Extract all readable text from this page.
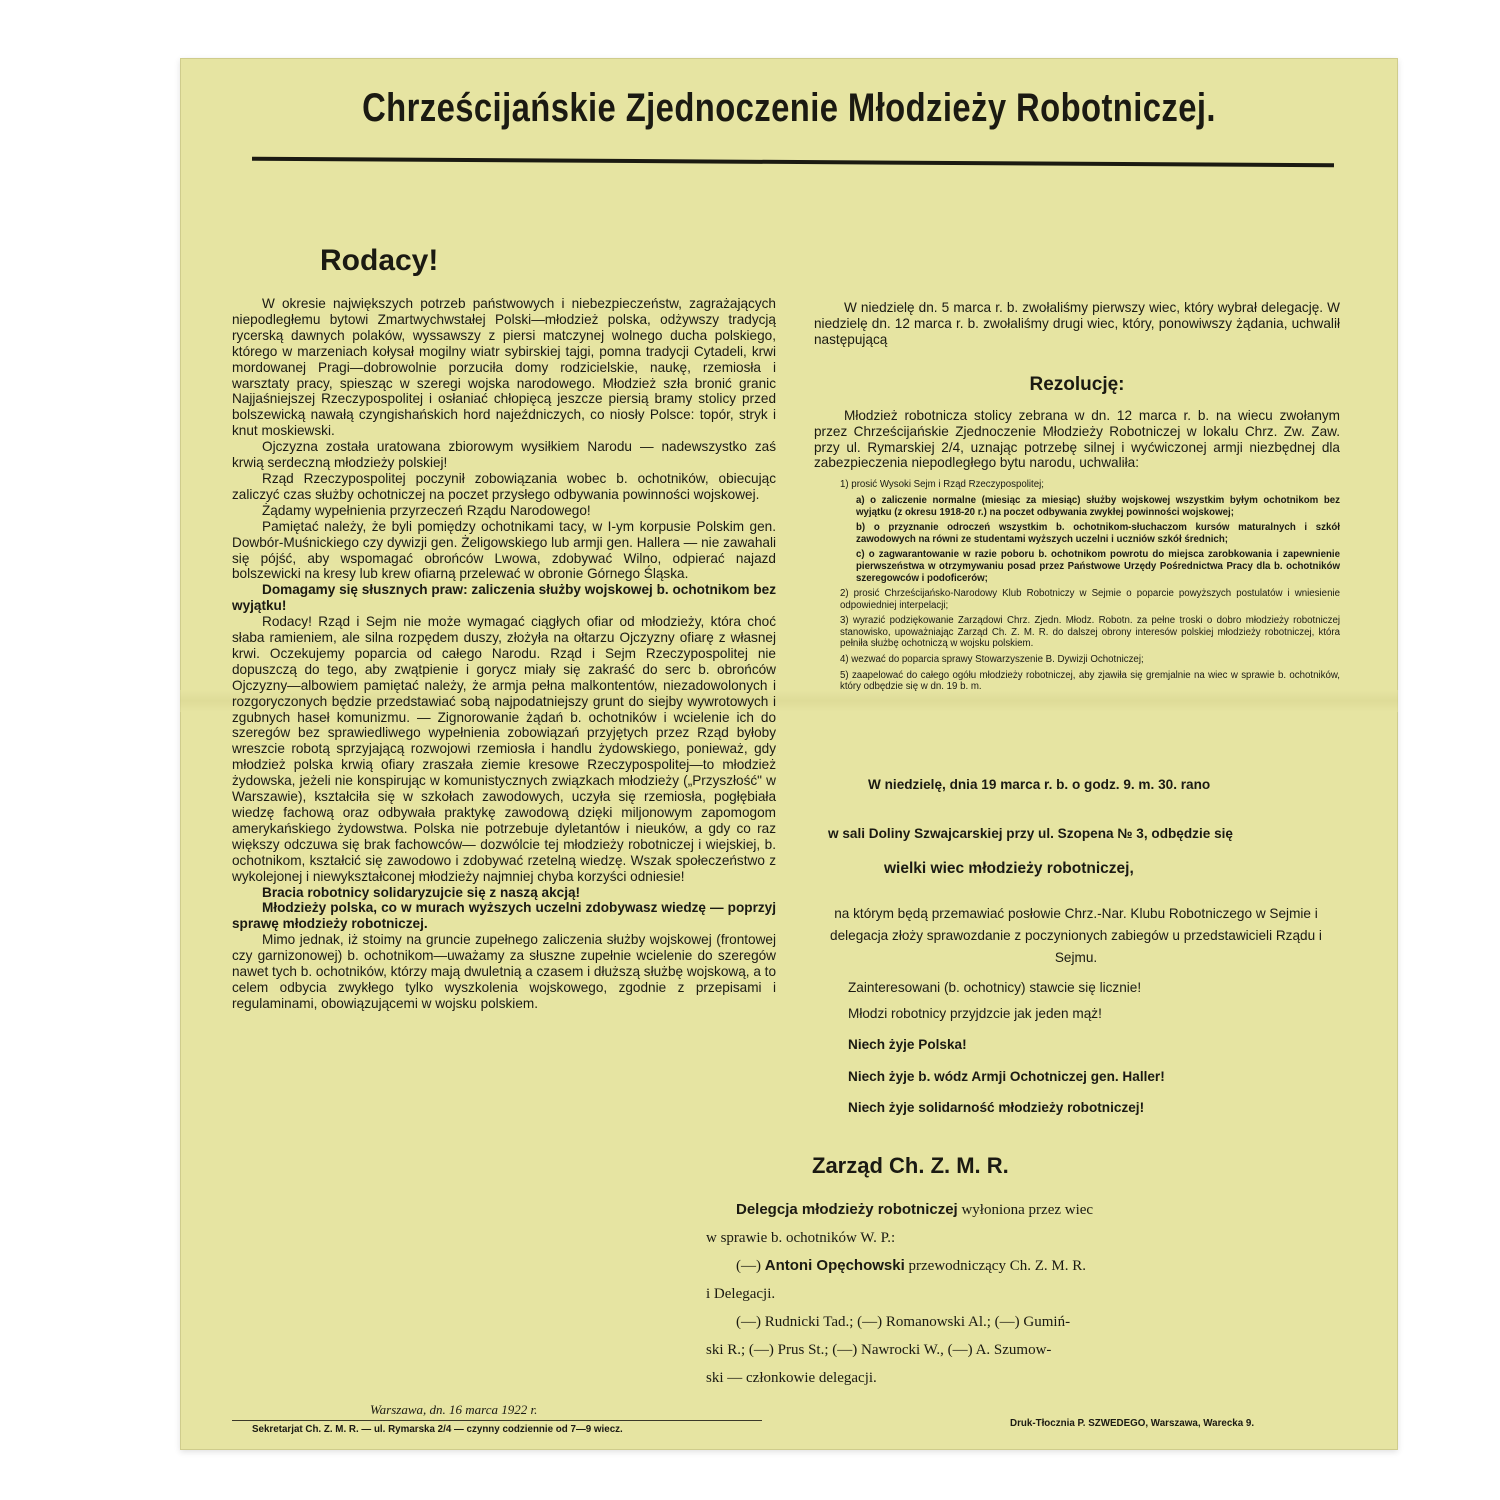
Chrześcijańskie Zjednoczenie Młodzieży Robotniczej.
Rodacy!

W okresie największych potrzeb państwowych i niebezpieczeństw, zagrażających niepodległemu bytowi Zmartwychwstałej Polski—młodzież polska, odżywszy tradycją rycerską dawnych polaków, wyssawszy z piersi matczynej wolnego ducha polskiego, którego w marzeniach kołysał mogilny wiatr sybirskiej tajgi, pomna tradycji Cytadeli, krwi mordowanej Pragi—dobrowolnie porzuciła domy rodzicielskie, naukę, rzemiosła i warsztaty pracy, spiesząc w szeregi wojska narodowego. Młodzież szła bronić granic Najjaśniejszej Rzeczypospolitej i osłaniać chłopięcą jeszcze piersią bramy stolicy przed bolszewicką nawałą czyngishańskich hord najeźdniczych, co niosły Polsce: topór, stryk i knut moskiewski.

Ojczyzna została uratowana zbiorowym wysiłkiem Narodu — nadewszystko zaś krwią serdeczną młodzieży polskiej!

Rząd Rzeczypospolitej poczynił zobowiązania wobec b. ochotników, obiecując zaliczyć czas służby ochotniczej na poczet przysłego odbywania powinności wojskowej.

Żądamy wypełnienia przyrzeczeń Rządu Narodowego!

Pamiętać należy, że byli pomiędzy ochotnikami tacy, w I-ym korpusie Polskim gen. Dowbór-Muśnickiego czy dywizji gen. Żeligowskiego lub armji gen. Hallera — nie zawahali się pójść, aby wspomagać obrońców Lwowa, zdobywać Wilno, odpierać najazd bolszewicki na kresy lub krew ofiarną przelewać w obronie Górnego Śląska.

Domagamy się słusznych praw: zaliczenia służby wojskowej b. ochotnikom bez wyjątku!

Rodacy! Rząd i Sejm nie może wymagać ciągłych ofiar od młodzieży, która choć słaba ramieniem, ale silna rozpędem duszy, złożyła na ołtarzu Ojczyzny ofiarę z własnej krwi. Oczekujemy poparcia od całego Narodu. Rząd i Sejm Rzeczypospolitej nie dopuszczą do tego, aby zwątpienie i gorycz miały się zakraść do serc b. obrońców Ojczyzny—albowiem pamiętać należy, że armja pełna malkontentów, niezadowolonych i rozgoryczonych będzie przedstawiać sobą najpodatniejszy grunt do siejby wywrotowych i zgubnych haseł komunizmu. — Zignorowanie żądań b. ochotników i wcielenie ich do szeregów bez sprawiedliwego wypełnienia zobowiązań przyjętych przez Rząd byłoby wreszcie robotą sprzyjającą rozwojowi rzemiosła i handlu żydowskiego, ponieważ, gdy młodzież polska krwią ofiary zraszała ziemie kresowe Rzeczypospolitej—to młodzież żydowska, jeżeli nie konspirując w komunistycznych związkach młodzieży („Przyszłość" w Warszawie), kształciła się w szkołach zawodowych, uczyła się rzemiosła, pogłębiała wiedzę fachową oraz odbywała praktykę zawodową dzięki miljonowym zapomogom amerykańskiego żydowstwa. Polska nie potrzebuje dyletantów i nieuków, a gdy co raz większy odczuwa się brak fachowców— dozwólcie tej młodzieży robotniczej i wiejskiej, b. ochotnikom, kształcić się zawodowo i zdobywać rzetelną wiedzę. Wszak społeczeństwo z wykolejonej i niewykształconej młodzieży najmniej chyba korzyści odniesie!

Bracia robotnicy solidaryzujcie się z naszą akcją!

Młodzieży polska, co w murach wyższych uczelni zdobywasz wiedzę — poprzyj sprawę młodzieży robotniczej.

Mimo jednak, iż stoimy na gruncie zupełnego zaliczenia służby wojskowej (frontowej czy garnizonowej) b. ochotnikom—uważamy za słuszne zupełnie wcielenie do szeregów nawet tych b. ochotników, którzy mają dwuletnią a czasem i dłuższą służbę wojskową, a to celem odbycia zwykłego tylko wyszkolenia wojskowego, zgodnie z przepisami i regulaminami, obowiązującemi w wojsku polskiem.

W niedzielę dn. 5 marca r. b. zwołaliśmy pierwszy wiec, który wybrał delegację. W niedzielę dn. 12 marca r. b. zwołaliśmy drugi wiec, który, ponowiwszy żądania, uchwalił następującą

Rezolucję:

Młodzież robotnicza stolicy zebrana w dn. 12 marca r. b. na wiecu zwołanym przez Chrześcijańskie Zjednoczenie Młodzieży Robotniczej w lokalu Chrz. Zw. Zaw. przy ul. Rymarskiej 2/4, uznając potrzebę silnej i wyćwiczonej armji niezbędnej dla zabezpieczenia niepodległego bytu narodu, uchwaliła:

1) prosić Wysoki Sejm i Rząd Rzeczypospolitej;
a) o zaliczenie normalne (miesiąc za miesiąc) służby wojskowej wszystkim byłym ochotnikom bez wyjątku (z okresu 1918-20 r.) na poczet odbywania zwykłej powinności wojskowej;
b) o przyznanie odroczeń wszystkim b. ochotnikom-słuchaczom kursów maturalnych i szkół zawodowych na równi ze studentami wyższych uczelni i uczniów szkół średnich;
c) o zagwarantowanie w razie poboru b. ochotnikom powrotu do miejsca zarobkowania i zapewnienie pierwszeństwa w otrzymywaniu posad przez Państwowe Urzędy Pośrednictwa Pracy dla b. ochotników szeregowców i podoficerów;
2) prosić Chrześcijańsko-Narodowy Klub Robotniczy w Sejmie o poparcie powyższych postulatów i wniesienie odpowiedniej interpelacji;
3) wyrazić podziękowanie Zarządowi Chrz. Zjedn. Młodz. Robotn. za pełne troski o dobro młodzieży robotniczej stanowisko, upoważniając Zarząd Ch. Z. M. R. do dalszej obrony interesów polskiej młodzieży robotniczej, która pełniła służbę ochotniczą w wojsku polskiem.
4) wezwać do poparcia sprawy Stowarzyszenie B. Dywizji Ochotniczej;
5) zaapelować do całego ogółu młodzieży robotniczej, aby zjawiła się gremjalnie na wiec w sprawie b. ochotników, który odbędzie się w dn. 19 b. m.
W niedzielę, dnia 19 marca r. b. o godz. 9. m. 30. rano
w sali Doliny Szwajcarskiej przy ul. Szopena № 3, odbędzie się
wielki wiec młodzieży robotniczej,
na którym będą przemawiać posłowie Chrz.-Nar. Klubu Robotniczego w Sejmie i delegacja złoży sprawozdanie z poczynionych zabiegów u przedstawicieli Rządu i Sejmu.
Zainteresowani (b. ochotnicy) stawcie się licznie!
Młodzi robotnicy przyjdzcie jak jeden mąż!
Niech żyje Polska!
Niech żyje b. wódz Armji Ochotniczej gen. Haller!
Niech żyje solidarność młodzieży robotniczej!
Zarząd Ch. Z. M. R.
Delegcja młodzieży robotniczej wyłoniona przez wiec
w sprawie b. ochotników W. P.:
(—) Antoni Opęchowski przewodniczący Ch. Z. M. R.
i Delegacji.
(—) Rudnicki Tad.; (—) Romanowski Al.; (—) Gumiń-
ski R.; (—) Prus St.; (—) Nawrocki W., (—) A. Szumow-
ski — członkowie delegacji.
Warszawa, dn. 16 marca 1922 r.
Sekretarjat Ch. Z. M. R. — ul. Rymarska 2/4 — czynny codziennie od 7—9 wiecz.
Druk-Tłocznia P. SZWEDEGO, Warszawa, Warecka 9.
